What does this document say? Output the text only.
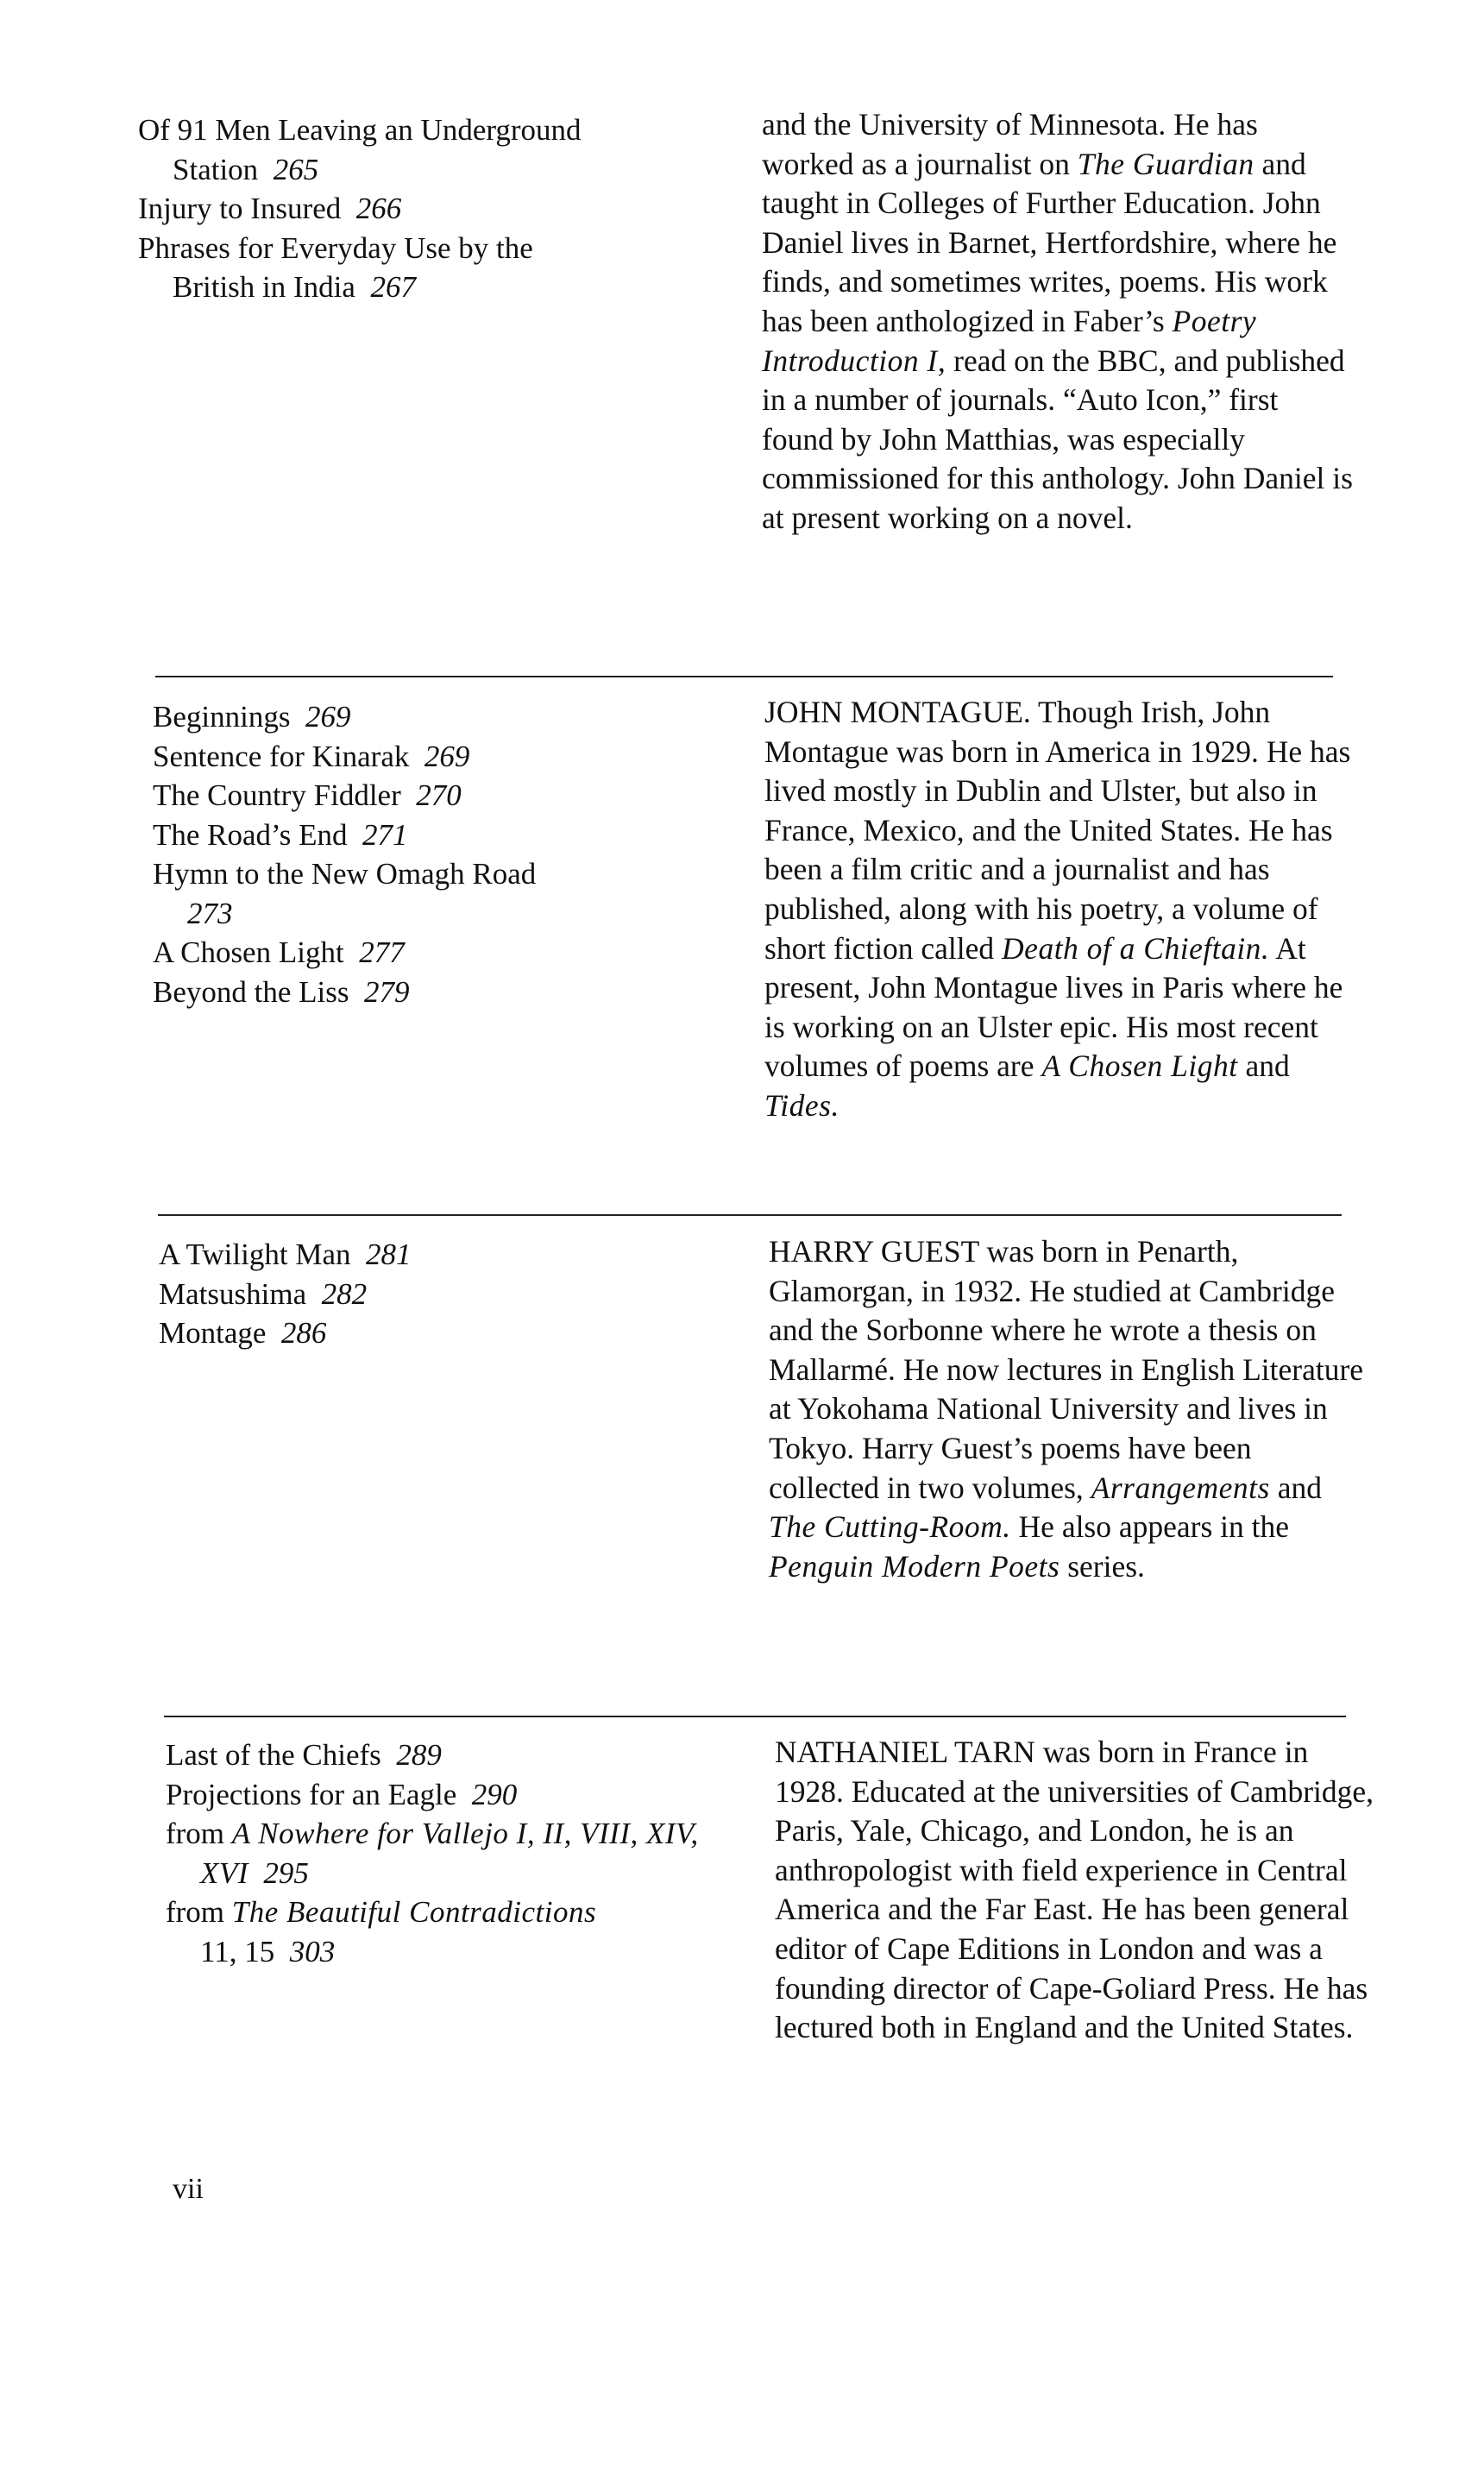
Of 91 Men Leaving an Underground
Station 265

Injury to Insured 266

Phrases for Everyday Use by the
British in India 267

and the University of Minnesota. He has worked as a journalist on The Guardian and taught in Colleges of Further Education. John Daniel lives in Barnet, Hertfordshire, where he finds, and sometimes writes, poems. His work has been anthologized in Faber’s Poetry Introduction I, read on the BBC, and published in a number of journals. “Auto Icon,” first found by John Matthias, was especially commissioned for this anthology. John Daniel is at present working on a novel.

Beginnings 269

Sentence for Kinarak 269

The Country Fiddler 270

The Road’s End 271

Hymn to the New Omagh Road
273

A Chosen Light 277

Beyond the Liss 279

JOHN MONTAGUE. Though Irish, John Montague was born in America in 1929. He has lived mostly in Dublin and Ulster, but also in France, Mexico, and the United States. He has been a film critic and a journalist and has published, along with his poetry, a volume of short fiction called Death of a Chieftain. At present, John Montague lives in Paris where he is working on an Ulster epic. His most recent volumes of poems are A Chosen Light and Tides.

A Twilight Man 281

Matsushima 282

Montage 286

HARRY GUEST was born in Penarth, Glamorgan, in 1932. He studied at Cambridge and the Sorbonne where he wrote a thesis on Mallarmé. He now lectures in English Literature at Yokohama National University and lives in Tokyo. Harry Guest’s poems have been collected in two volumes, Arrangements and The Cutting-Room. He also appears in the Penguin Modern Poets series.

Last of the Chiefs 289

Projections for an Eagle 290

from A Nowhere for Vallejo I, II, VIII, XIV, XVI 295

from The Beautiful Contradictions
11, 15 303

NATHANIEL TARN was born in France in 1928. Educated at the universities of Cambridge, Paris, Yale, Chicago, and London, he is an anthropologist with field experience in Central America and the Far East. He has been general editor of Cape Editions in London and was a founding director of Cape-Goliard Press. He has lectured both in England and the United States.

vii
